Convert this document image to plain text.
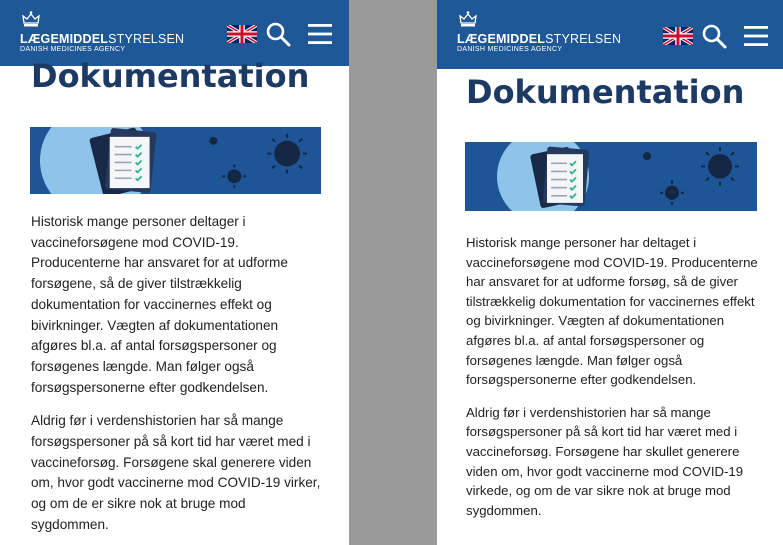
LÆGEMIDDELSTYRELSEN
DANISH MEDICINES AGENCY
Dokumentation

Historisk mange personer deltager i vaccineforsøgene mod COVID-19. Producenterne har ansvaret for at udforme forsøgene, så de giver tilstrækkelig dokumentation for vaccinernes effekt og bivirkninger. Vægten af dokumentationen afgøres bl.a. af antal forsøgspersoner og forsøgenes længde. Man følger også forsøgspersonerne efter godkendelsen.

Aldrig før i verdenshistorien har så mange forsøgspersoner på så kort tid har været med i vaccineforsøg. Forsøgene skal generere viden om, hvor godt vaccinerne mod COVID-19 virker, og om de er sikre nok at bruge mod sygdommen.

LÆGEMIDDELSTYRELSEN
DANISH MEDICINES AGENCY
Dokumentation

Historisk mange personer har deltaget i vaccineforsøgene mod COVID-19. Producenterne har ansvaret for at udforme forsøg, så de giver tilstrækkelig dokumentation for vaccinernes effekt og bivirkninger. Vægten af dokumentationen afgøres bl.a. af antal forsøgspersoner og forsøgenes længde. Man følger også forsøgspersonerne efter godkendelsen.

Aldrig før i verdenshistorien har så mange forsøgspersoner på så kort tid har været med i vaccineforsøg. Forsøgene har skullet generere viden om, hvor godt vaccinerne mod COVID-19 virkede, og om de var sikre nok at bruge mod sygdommen.
